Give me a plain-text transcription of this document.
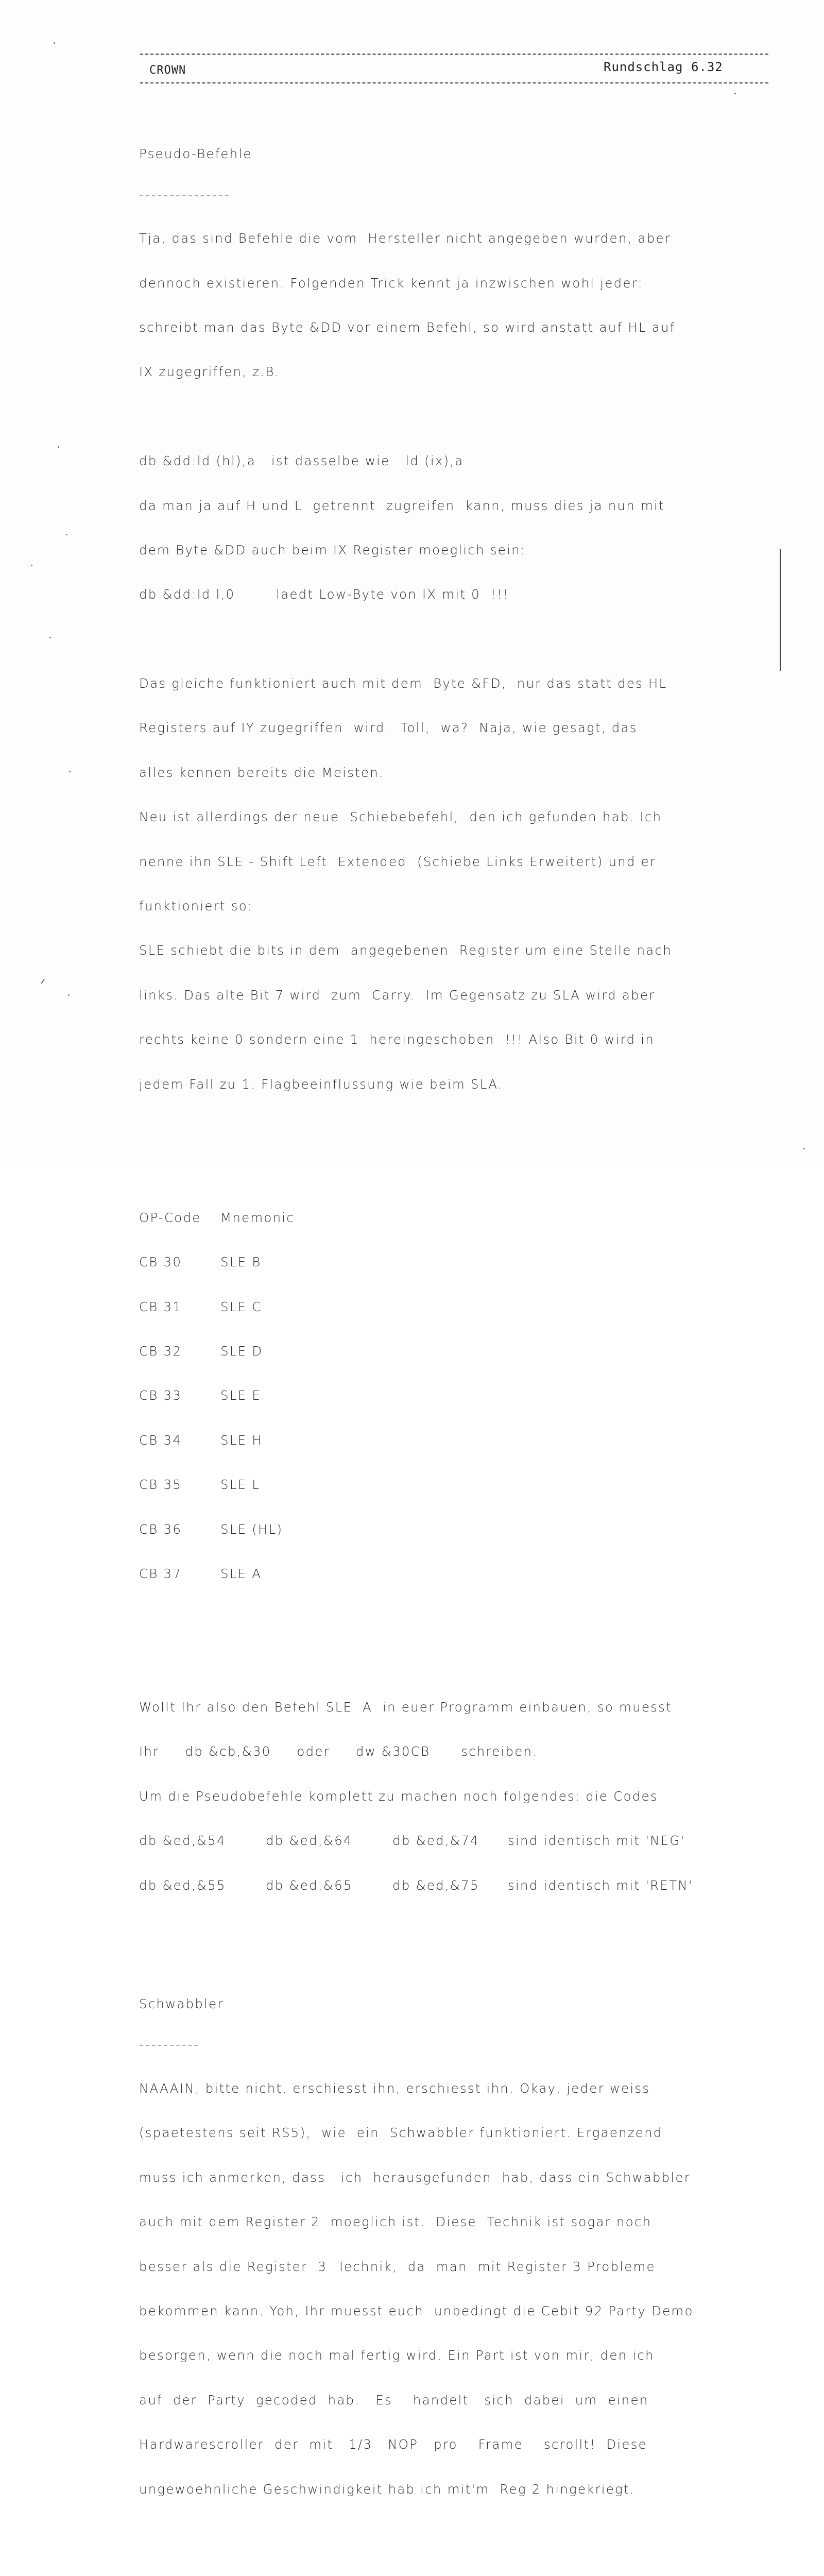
CROWN	Rundschlag 6.32

Pseudo-Befehle

---------------

Tja, das sind Befehle die vom  Hersteller nicht angegeben wurden, aber

dennoch existieren. Folgenden Trick kennt ja inzwischen wohl jeder:

schreibt man das Byte &DD vor einem Befehl, so wird anstatt auf HL auf

IX zugegriffen, z.B.

db &dd:ld (hl),a   ist dasselbe wie   ld (ix),a

da man ja auf H und L  getrennt  zugreifen  kann, muss dies ja nun mit

dem Byte &DD auch beim IX Register moeglich sein:

db &dd:ld l,0        laedt Low-Byte von IX mit 0  !!!

Das gleiche funktioniert auch mit dem  Byte &FD,  nur das statt des HL

Registers auf IY zugegriffen  wird.  Toll,  wa?  Naja, wie gesagt, das

alles kennen bereits die Meisten.

Neu ist allerdings der neue  Schiebebefehl,  den ich gefunden hab. Ich

nenne ihn SLE - Shift Left  Extended  (Schiebe Links Erweitert) und er

funktioniert so:

SLE schiebt die bits in dem  angegebenen  Register um eine Stelle nach

links. Das alte Bit 7 wird  zum  Carry.  Im Gegensatz zu SLA wird aber

rechts keine 0 sondern eine 1  hereingeschoben  !!! Also Bit 0 wird in

jedem Fall zu 1. Flagbeeinflussung wie beim SLA.

OP-Code	Mnemonic

CB 30	SLE B

CB 31	SLE C

CB 32	SLE D

CB 33	SLE E

CB 34	SLE H

CB 35	SLE L

CB 36	SLE (HL)

CB 37	SLE A

Wollt Ihr also den Befehl SLE  A  in euer Programm einbauen, so muesst

Ihr     db &cb,&30     oder     dw &30CB      schreiben.

Um die Pseudobefehle komplett zu machen noch folgendes: die Codes

db &ed,&54	db &ed,&64	db &ed,&74	sind identisch mit 'NEG'

db &ed,&55	db &ed,&65	db &ed,&75	sind identisch mit 'RETN'

Schwabbler

----------

NAAAIN, bitte nicht, erschiesst ihn, erschiesst ihn. Okay, jeder weiss

(spaetestens seit RS5),  wie  ein  Schwabbler funktioniert. Ergaenzend

muss ich anmerken, dass   ich  herausgefunden  hab, dass ein Schwabbler

auch mit dem Register 2  moeglich ist.  Diese  Technik ist sogar noch

besser als die Register  3  Technik,  da  man  mit Register 3 Probleme

bekommen kann. Yoh, Ihr muesst euch  unbedingt die Cebit 92 Party Demo

besorgen, wenn die noch mal fertig wird. Ein Part ist von mir, den ich

auf  der  Party  gecoded  hab.   Es    handelt   sich  dabei  um  einen

Hardwarescroller  der  mit   1/3   NOP   pro    Frame    scrollt!  Diese

ungewoehnliche Geschwindigkeit hab ich mit'm  Reg 2 hingekriegt.
